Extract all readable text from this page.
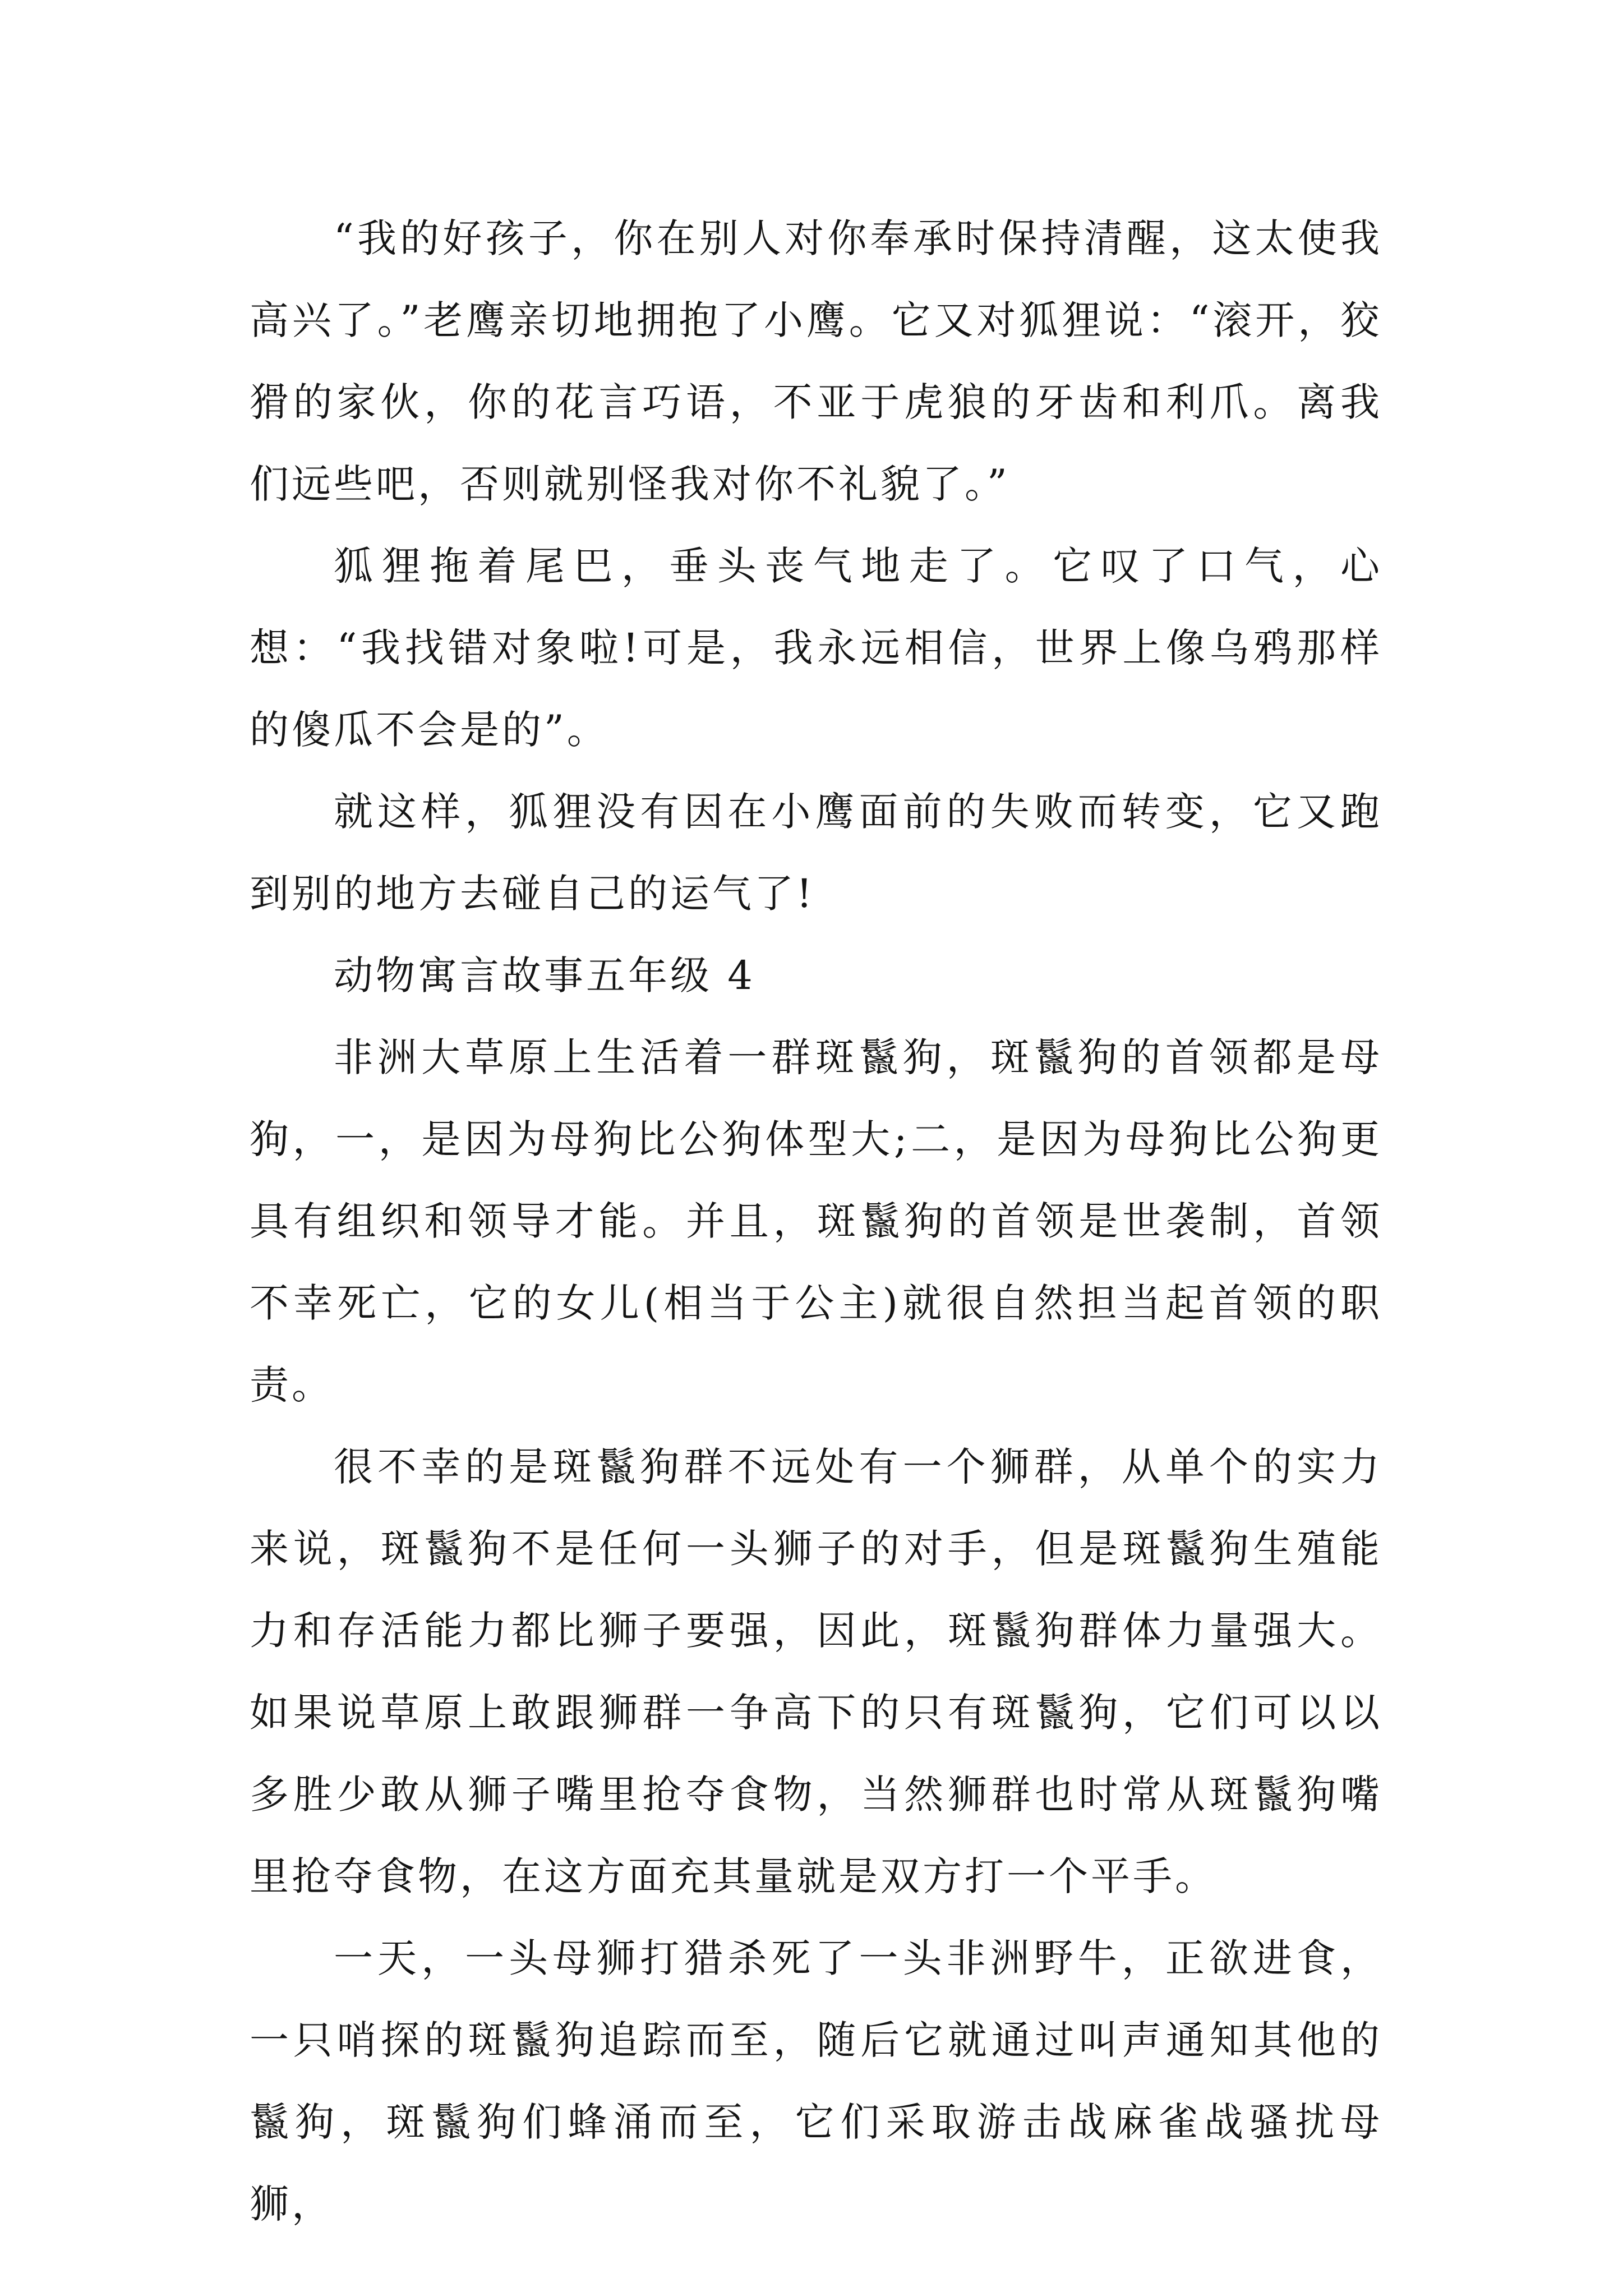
“我的好孩子，你在别人对你奉承时保持清醒，这太使我高兴了。”老鹰亲切地拥抱了小鹰。它又对狐狸说：“滚开，狡猾的家伙，你的花言巧语，不亚于虎狼的牙齿和利爪。离我们远些吧，否则就别怪我对你不礼貌了。”

狐狸拖着尾巴，垂头丧气地走了。它叹了口气，心想：“我找错对象啦!可是，我永远相信，世界上像乌鸦那样的傻瓜不会是的”。

就这样，狐狸没有因在小鹰面前的失败而转变，它又跑到别的地方去碰自己的运气了!

动物寓言故事五年级 4

非洲大草原上生活着一群斑鬣狗，斑鬣狗的首领都是母狗，一，是因为母狗比公狗体型大;二，是因为母狗比公狗更具有组织和领导才能。并且，斑鬣狗的首领是世袭制，首领不幸死亡，它的女儿(相当于公主)就很自然担当起首领的职责。

很不幸的是斑鬣狗群不远处有一个狮群，从单个的实力来说，斑鬣狗不是任何一头狮子的对手，但是斑鬣狗生殖能力和存活能力都比狮子要强，因此，斑鬣狗群体力量强大。如果说草原上敢跟狮群一争高下的只有斑鬣狗，它们可以以多胜少敢从狮子嘴里抢夺食物，当然狮群也时常从斑鬣狗嘴里抢夺食物，在这方面充其量就是双方打一个平手。

一天，一头母狮打猎杀死了一头非洲野牛，正欲进食，一只哨探的斑鬣狗追踪而至，随后它就通过叫声通知其他的鬣狗，斑鬣狗们蜂涌而至，它们采取游击战麻雀战骚扰母狮，
